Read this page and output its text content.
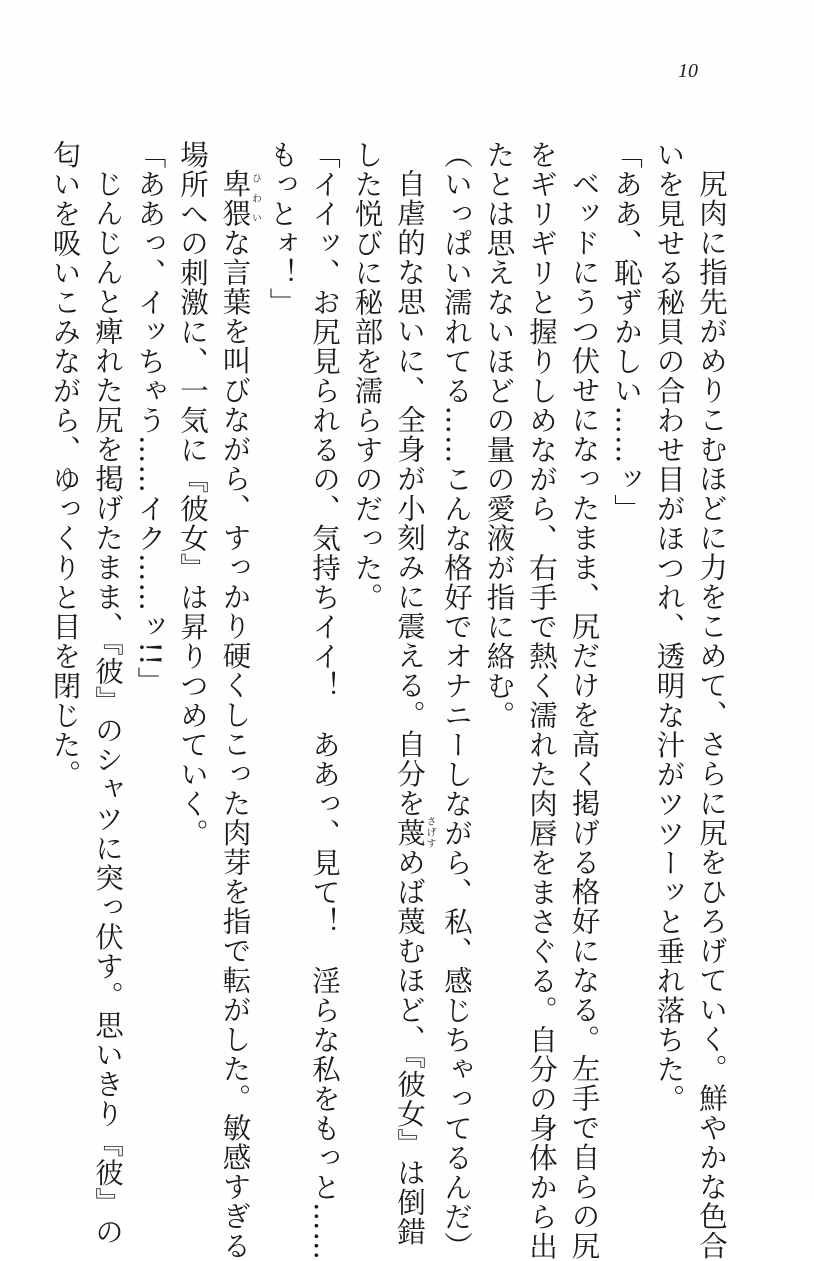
10

尻肉に指先がめりこむほどに力をこめて、さらに尻をひろげていく。鮮やかな色合

いを見せる秘貝の合わせ目がほつれ、透明な汁がツツーッと垂れ落ちた。

「ああ、恥ずかしい……ッ」

ベッドにうつ伏せになったまま、尻だけを高く掲げる格好になる。左手で自らの尻

をギリギリと握りしめながら、右手で熱く濡れた肉唇をまさぐる。自分の身体から出

たとは思えないほどの量の愛液が指に絡む。

（いっぱい濡れてる……こんな格好でオナニーしながら、私、感じちゃってるんだ）

自虐的な思いに、全身が小刻みに震える。自分を蔑さげすめば蔑むほど、『彼女』は倒錯

した悦びに秘部を濡らすのだった。

「イイッ、お尻見られるの、気持ちイイ！　ああっ、見て！　淫らな私をもっと……

もっとォ！」

卑猥ひわいな言葉を叫びながら、すっかり硬くしこった肉芽を指で転がした。敏感すぎる

場所への刺激に、一気に『彼女』は昇りつめていく。

「ああっ、イッちゃう……イク……ッ!!」

じんじんと痺れた尻を掲げたまま、『彼』のシャツに突っ伏す。思いきり『彼』の

匂いを吸いこみながら、ゆっくりと目を閉じた。
